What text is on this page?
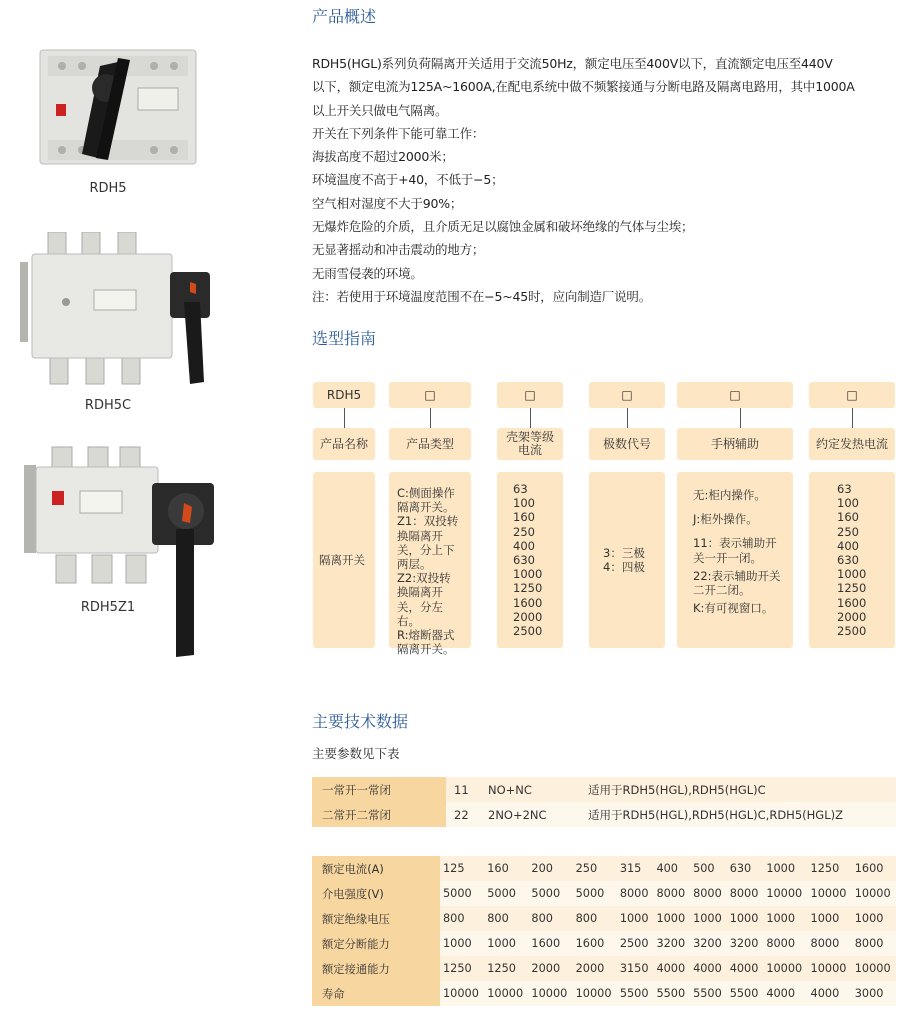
RDH5
RDH5C
RDH5Z1
产品概述
RDH5(HGL)系列负荷隔离开关适用于交流50Hz，额定电压至400V以下，直流额定电压至440V
以下，额定电流为125A~1600A,在配电系统中做不频繁接通与分断电路及隔离电路用，其中1000A
以上开关只做电气隔离。
开关在下列条件下能可靠工作：
海拔高度不超过2000米；
环境温度不高于+40，不低于−5；
空气相对湿度不大于90%；
无爆炸危险的介质，且介质无足以腐蚀金属和破坏绝缘的气体与尘埃；
无显著摇动和冲击震动的地方；
无雨雪侵袭的环境。
注：若使用于环境温度范围不在−5~45时，应向制造厂说明。
选型指南
RDH5
产品名称
隔离开关
□
产品类型
C:侧面操作隔离开关。
Z1：双投转换隔离开关，分上下两层。
Z2:双投转换隔离开关，分左右。
R:熔断器式隔离开关。
□
壳架等级电流
63
100
160
250
400
630
1000
1250
1600
2000
2500
□
极数代号
3：三极
4：四极
□
手柄辅助
无:柜内操作。
J:柜外操作。
11：表示辅助开关一开一闭。
22:表示辅助开关二开二闭。
K:有可视窗口。
□
约定发热电流
63
100
160
250
400
630
1000
1250
1600
2000
2500
主要技术数据
主要参数见下表
一常开一常闭	11	NO+NC	适用于RDH5(HGL),RDH5(HGL)C
二常开二常闭	22	2NO+2NC	适用于RDH5(HGL),RDH5(HGL)C,RDH5(HGL)Z
额定电流(A)	125	160	200	250	315	400	500	630	1000	1250	1600
介电强度(V)	5000	5000	5000	5000	8000	8000	8000	8000	10000	10000	10000
额定绝缘电压	800	800	800	800	1000	1000	1000	1000	1000	1000	1000
额定分断能力	1000	1000	1600	1600	2500	3200	3200	3200	8000	8000	8000
额定接通能力	1250	1250	2000	2000	3150	4000	4000	4000	10000	10000	10000
寿命	10000	10000	10000	10000	5500	5500	5500	5500	4000	4000	3000
